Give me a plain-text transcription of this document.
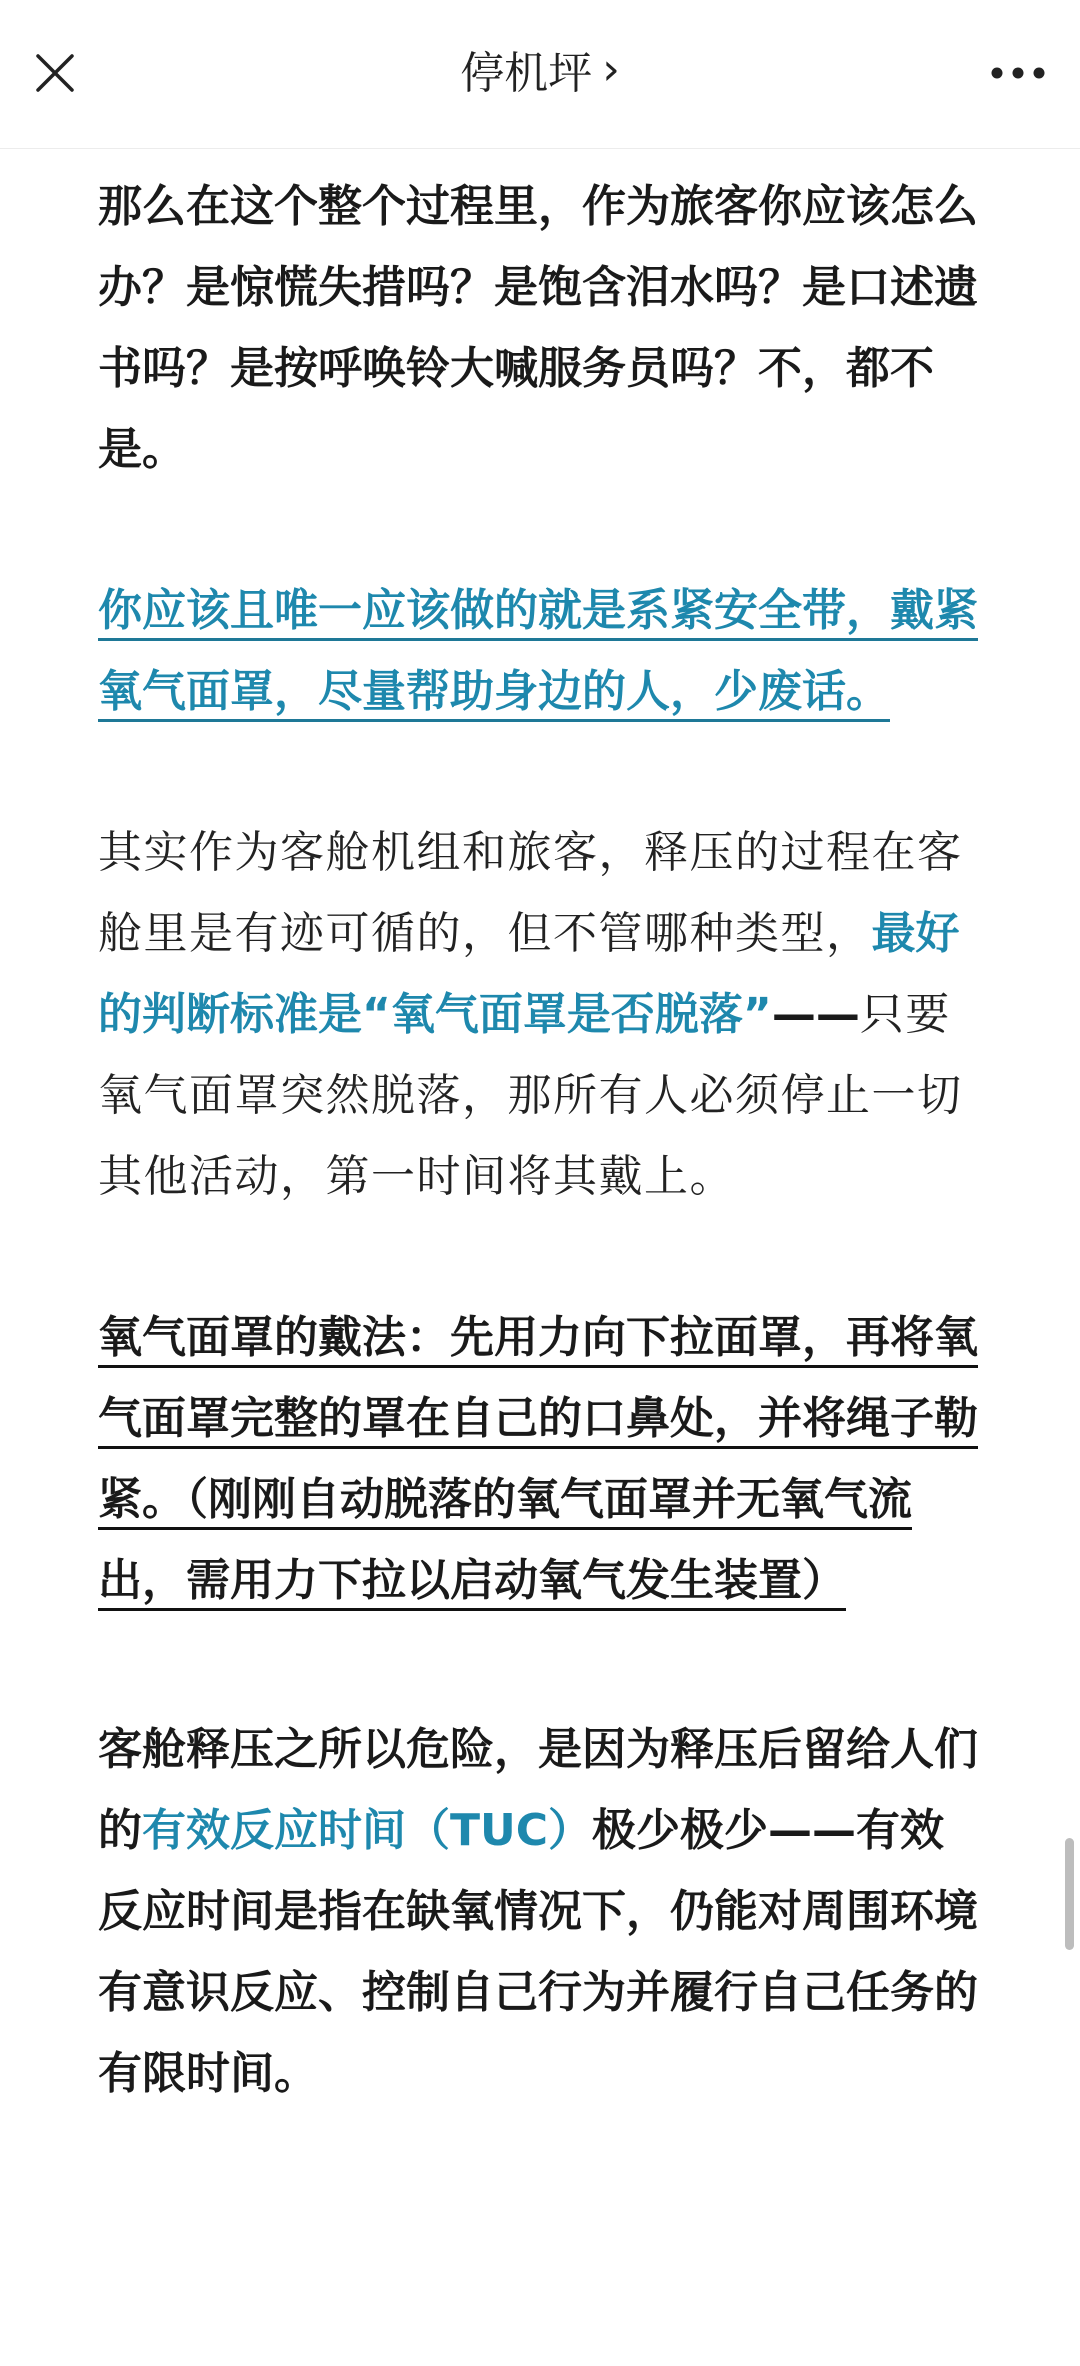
停机坪 ›

那么在这个整个过程里，作为旅客你应该怎么办？是惊慌失措吗？是饱含泪水吗？是口述遗书吗？是按呼唤铃大喊服务员吗？不，都不是。

你应该且唯一应该做的就是系紧安全带，戴紧氧气面罩，尽量帮助身边的人，少废话。

其实作为客舱机组和旅客，释压的过程在客舱里是有迹可循的，但不管哪种类型，最好的判断标准是“氧气面罩是否脱落”——只要氧气面罩突然脱落，那所有人必须停止一切其他活动，第一时间将其戴上。

氧气面罩的戴法：先用力向下拉面罩，再将氧气面罩完整的罩在自己的口鼻处，并将绳子勒紧。（刚刚自动脱落的氧气面罩并无氧气流出，需用力下拉以启动氧气发生装置）

客舱释压之所以危险，是因为释压后留给人们的有效反应时间（TUC）极少极少——有效反应时间是指在缺氧情况下，仍能对周围环境有意识反应、控制自己行为并履行自己任务的有限时间。
